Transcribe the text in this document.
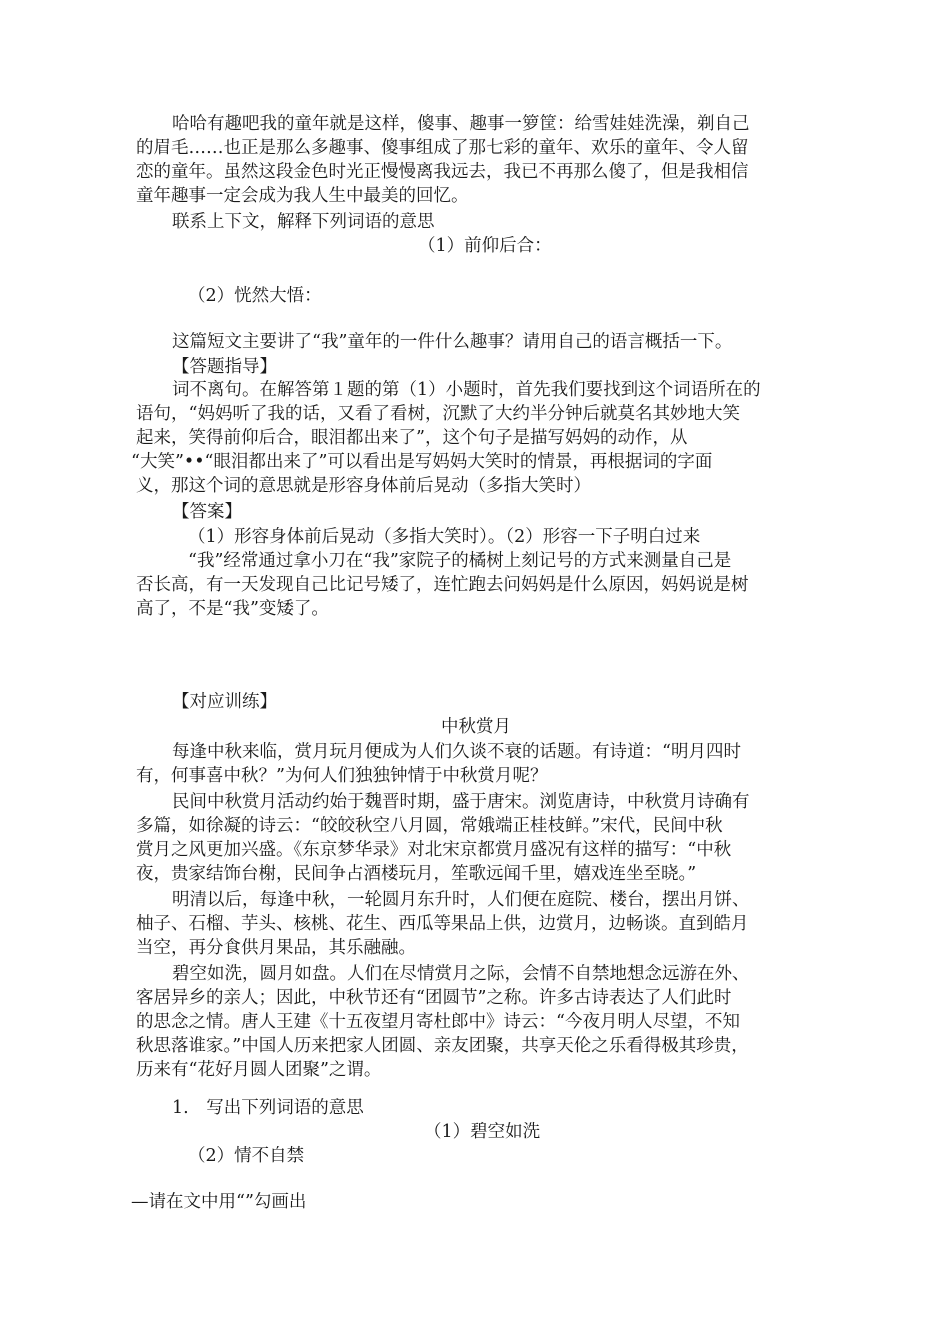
哈哈有趣吧我的童年就是这样，傻事、趣事一箩筐：给雪娃娃洗澡，剃自己
的眉毛……也正是那么多趣事、傻事组成了那七彩的童年、欢乐的童年、令人留
恋的童年。虽然这段金色时光正慢慢离我远去，我已不再那么傻了，但是我相信
童年趣事一定会成为我人生中最美的回忆。
联系上下文，解释下列词语的意思
（1）前仰后合：
（2）恍然大悟：
这篇短文主要讲了“我”童年的一件什么趣事？请用自己的语言概括一下。
【答题指导】
词不离句。在解答第１题的第（1）小题时，首先我们要找到这个词语所在的
语句，“妈妈听了我的话，又看了看树，沉默了大约半分钟后就莫名其妙地大笑
起来，笑得前仰后合，眼泪都出来了”，这个句子是描写妈妈的动作，从
“大笑”••“眼泪都出来了”可以看出是写妈妈大笑时的情景，再根据词的字面
义，那这个词的意思就是形容身体前后晃动（多指大笑时）
【答案】
（1）形容身体前后晃动（多指大笑时）。（2）形容一下子明白过来
“我”经常通过拿小刀在“我”家院子的橘树上刻记号的方式来测量自己是
否长高，有一天发现自己比记号矮了，连忙跑去问妈妈是什么原因，妈妈说是树
高了，不是“我”变矮了。
【对应训练】
中秋赏月
每逢中秋来临，赏月玩月便成为人们久谈不衰的话题。有诗道：“明月四时
有，何事喜中秋？”为何人们独独钟情于中秋赏月呢？
民间中秋赏月活动约始于魏晋时期，盛于唐宋。浏览唐诗，中秋赏月诗确有
多篇，如徐凝的诗云：“皎皎秋空八月圆，常娥端正桂枝鲜。”宋代，民间中秋
赏月之风更加兴盛。《东京梦华录》对北宋京都赏月盛况有这样的描写：“中秋
夜，贵家结饰台榭，民间争占酒楼玩月，笙歌远闻千里，嬉戏连坐至晓。”
明清以后，每逢中秋，一轮圆月东升时，人们便在庭院、楼台，摆出月饼、
柚子、石榴、芋头、核桃、花生、西瓜等果品上供，边赏月，边畅谈。直到皓月
当空，再分食供月果品，其乐融融。
碧空如洗，圆月如盘。人们在尽情赏月之际，会情不自禁地想念远游在外、
客居异乡的亲人；因此，中秋节还有“团圆节”之称。许多古诗表达了人们此时
的思念之情。唐人王建《十五夜望月寄杜郎中》诗云：“今夜月明人尽望，不知
秋思落谁家。”中国人历来把家人团圆、亲友团聚，共享天伦之乐看得极其珍贵，
历来有“花好月圆人团聚”之谓。
1.　写出下列词语的意思
（1）碧空如洗
（2）情不自禁
—请在文中用“”勾画出
